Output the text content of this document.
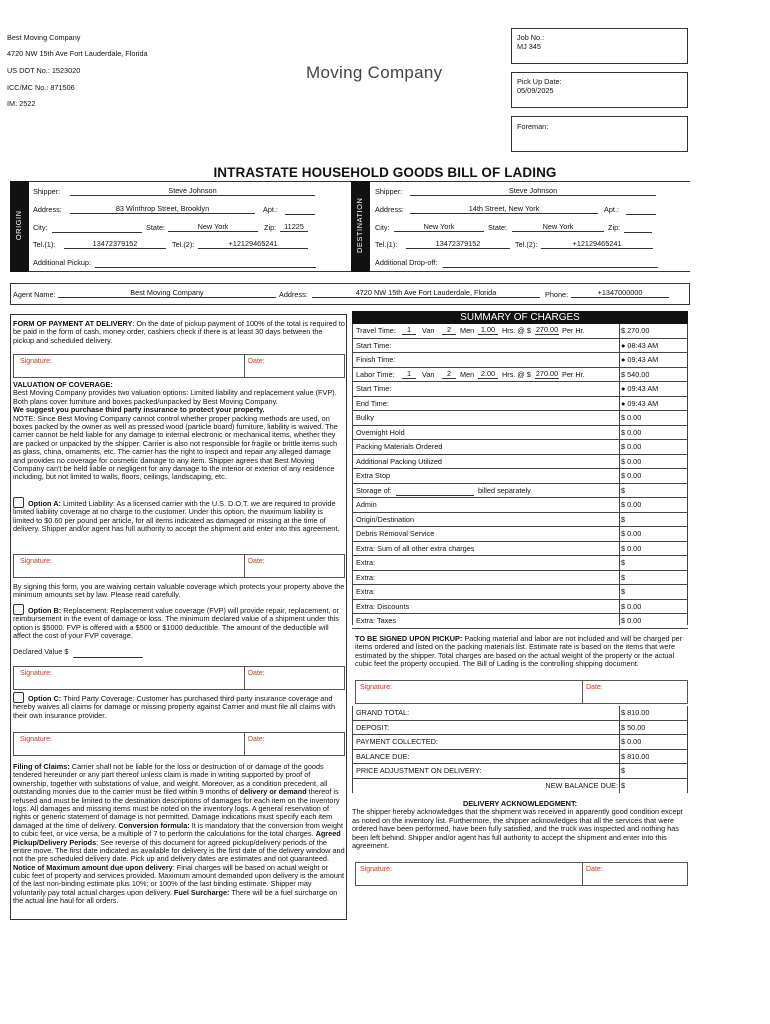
Best Moving Company
4720 NW 15th Ave Fort Lauderdale, Florida
US DOT No.: 1523020
ICC/MC No.: 871506
IM: 2522
Moving Company
Job No.:
MJ 345
Pick Up Date:
05/09/2025
Foreman:
INTRASTATE HOUSEHOLD GOODS BILL OF LADING
ORIGIN	DESTINATION
Shipper:	Steve Johnson
Address:	83 Winthrop Street, Brooklyn	Apt.:
City:	State:	New York	Zip:	11225
Tel.(1):	13472379152	Tel.(2):	+12129465241
Additional Pickup:
Shipper:	Steve Johnson
Address:	14th Street, New York	Apt.:
City:	New York	State:	New York	Zip:
Tel.(1):	13472379152	Tel.(2):	+12129465241
Additional Drop-off:
Agent Name:	Best Moving Company	Address:	4720 NW 15th Ave Fort Lauderdale, Florida	Phone:	+1347000000
FORM OF PAYMENT AT DELIVERY: On the date of pickup payment of 100% of the total is required to be paid in the form of cash, money order, cashiers check if there is at least 30 days between the pickup and scheduled delivery.
Signature:	Date:

VALUATION OF COVERAGE:

Best Moving Company provides two valuation options: Limited liability and replacement value (FVP). Both plans cover furniture and boxes packed/unpacked by Best Moving Company.

We suggest you purchase third party insurance to protect your property.

NOTE: Since Best Moving Company cannot control whether proper packing methods are used, on boxes packed by the owner as well as pressed wood (particle board) furniture, liability is waived. The carrier cannot be held liable for any damage to internal electronic or mechanical items, whether they are packed or unpacked by the shipper. Carrier is also not responsible for fragile or brittle items such as glass, china, ornaments, etc. The carrier has the right to inspect and repair any alleged damage and provides no coverage for cosmetic damage to any item. Shipper agrees that Best Moving Company can't be held liable or negligent for any damage to the interior or exterior of any residence including, but not limited to walls, floors, ceilings, landscaping, etc.

Option A: Limited Liability: As a licensed carrier with the U.S. D.O.T. we are required to provide limited liability coverage at no charge to the customer. Under this option, the maximum liability is limited to $0.60 per pound per article, for all items indicated as damaged or missing at the time of delivery. Shipper and/or agent has full authority to accept the shipment and enter into this agreement.
Signature:	Date:
By signing this form, you are waiving certain valuable coverage which protects your property above the minimum amounts set by law. Please read carefully.
Option B: Replacement: Replacement value coverage (FVP) will provide repair, replacement, or reimbursement in the event of damage or loss. The minimum declared value of a shipment under this option is $5000. FVP is offered with a $500 or $1000 deductible. The amount of the deductible will affect the cost of your FVP coverage.
Declared Value $
Signature:	Date:
Option C: Third Party Coverage: Customer has purchased third party insurance coverage and hereby waives all claims for damage or missing property against Carrier and must file all claims with their own insurance provider.
Signature:	Date:
Filing of Claims: Carrier shall not be liable for the loss or destruction of or damage of the goods tendered hereunder or any part thereof unless claim is made in writing supported by proof of ownership, together with substations of value, and weight. Moreover, as a condition precedent, all outstanding monies due to the carrier must be filed within 9 months of delivery or demand thereof is refused and must be limited to the destination descriptions of damages for each item on the inventory logs. All damages and missing items must be noted on the inventory logs. A general reservation of rights or generic statement of damage is not permitted. Damage indications must specify each item damaged at the time of delivery. Conversion formula: It is mandatory that the conversion from weight to cubic feet, or vice versa, be a multiple of 7 to perform the calculations for the total charges. Agreed Pickup/Delivery Periods: See reverse of this document for agreed pickup/delivery periods of the entire move. The first date indicated as available for delivery is the first date of the delivery window and not the pre scheduled delivery date. Pick up and delivery dates are estimates and not guaranteed. Notice of Maximum amount due upon delivery: Final charges will be based on actual weight or cubic feet of property and services provided. Maximum amount demanded upon delivery is the amount of the last non-binding estimate plus 10%; or 100% of the last binding estimate. Shipper may voluntarily pay total actual charges upon delivery. Fuel Surcharge: There will be a fuel surcharge on the actual line haul for all orders.
SUMMARY OF CHARGES
Travel Time:	1	Van	2	Men 1.00 Hrs. @ $ 270.00 Per Hr.	$ 270.00
Start Time:	● 08:43 AM
Finish Time:	● 09:43 AM
Labor Time:	1	Van	2	Men 2.00 Hrs. @ $ 270.00 Per Hr.	$ 540.00
Start Time:	● 09:43 AM
End Time:	● 09:43 AM
Bulky	$ 0.00
Overnight Hold	$ 0.00
Packing Materials Ordered	$ 0.00
Additional Packing Utilized	$ 0.00
Extra Stop	$ 0.00
Storage of:	billed separately	$
Admin	$ 0.00
Origin/Destination	$
Debris Removal Service	$ 0.00
Extra: Sum of all other extra charges	$ 0.00
Extra:	$
Extra:	$
Extra:	$
Extra: Discounts	$ 0.00
Extra: Taxes	$ 0.00
TO BE SIGNED UPON PICKUP: Packing material and labor are not included and will be charged per items ordered and listed on the packing materials list. Estimate rate is based on the items that were estimated by the shipper. Total charges are based on the actual weight of the property or the actual cubic feet the property occupied. The Bill of Lading is the controlling shipping document.
Signature:	Date:
GRAND TOTAL:	$ 810.00
DEPOSIT:	$ 50.00
PAYMENT COLLECTED:	$ 0.00
BALANCE DUE:	$ 810.00
PRICE ADJUSTMENT ON DELIVERY:	$
NEW BALANCE DUE: $

DELIVERY ACKNOWLEDGMENT:

The shipper hereby acknowledges that the shipment was received in apparently good condition except as noted on the inventory list. Furthermore, the shipper acknowledges that all the services that were ordered have been performed, have been fully satisfied, and the truck was inspected and nothing has been left behind. Shipper and/or agent has full authority to accept the shipment and enter into this agreement.

Signature:	Date:
